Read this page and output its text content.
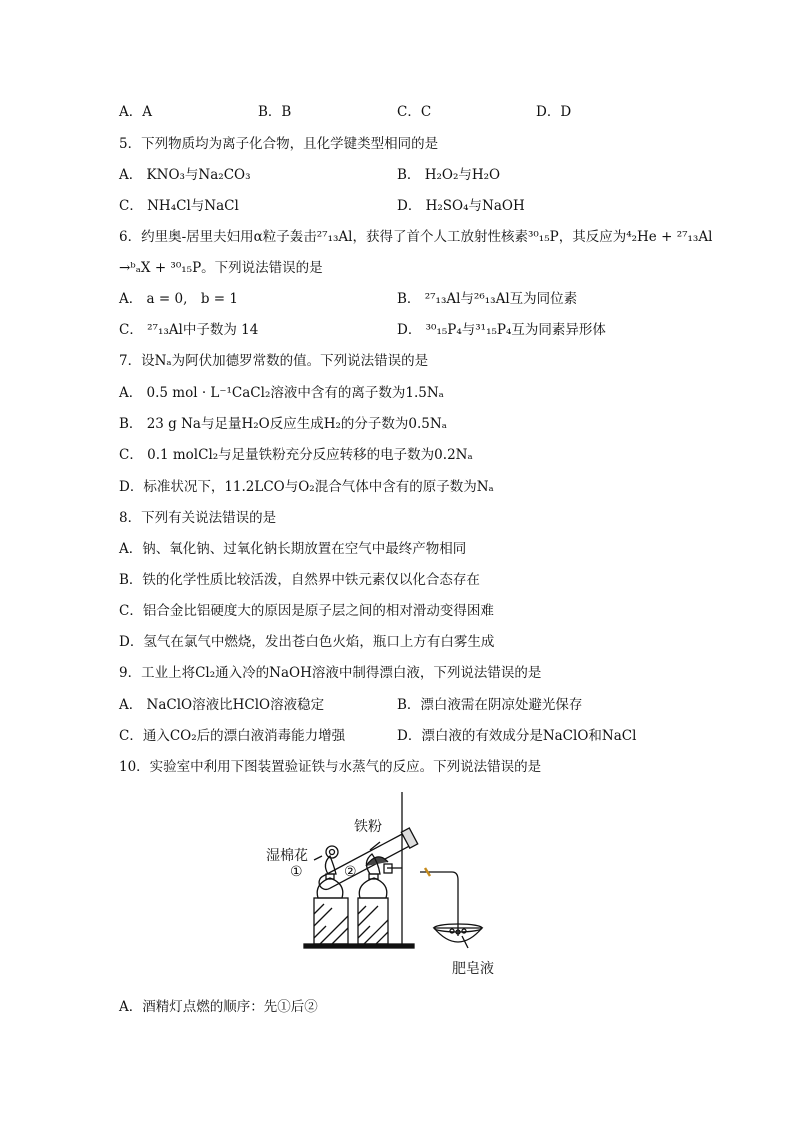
A．A	B．B	C．C	D．D
5．下列物质均为离子化合物，且化学键类型相同的是
A． KNO₃与Na₂CO₃	B． H₂O₂与H₂O
C． NH₄Cl与NaCl	D． H₂SO₄与NaOH
6．约里奥-居里夫妇用α粒子轰击²⁷₁₃Al，获得了首个人工放射性核素³⁰₁₅P，其反应为⁴₂He + ²⁷₁₃Al
→ᵇₐX + ³⁰₁₅P。下列说法错误的是
A． a = 0,　b = 1	B． ²⁷₁₃Al与²⁶₁₃Al互为同位素
C． ²⁷₁₃Al中子数为 14	D． ³⁰₁₅P₄与³¹₁₅P₄互为同素异形体
7．设Nₐ为阿伏加德罗常数的值。下列说法错误的是
A． 0.5 mol · L⁻¹CaCl₂溶液中含有的离子数为1.5Nₐ
B． 23 g Na与足量H₂O反应生成H₂的分子数为0.5Nₐ
C． 0.1 molCl₂与足量铁粉充分反应转移的电子数为0.2Nₐ
D．标准状况下，11.2LCO与O₂混合气体中含有的原子数为Nₐ
8．下列有关说法错误的是
A．钠、氧化钠、过氧化钠长期放置在空气中最终产物相同
B．铁的化学性质比较活泼，自然界中铁元素仅以化合态存在
C．铝合金比铝硬度大的原因是原子层之间的相对滑动变得困难
D．氢气在氯气中燃烧，发出苍白色火焰，瓶口上方有白雾生成
9．工业上将Cl₂通入冷的NaOH溶液中制得漂白液，下列说法错误的是
A． NaClO溶液比HClO溶液稳定	B．漂白液需在阴凉处避光保存
C．通入CO₂后的漂白液消毒能力增强	D．漂白液的有效成分是NaClO和NaCl
10．实验室中利用下图装置验证铁与水蒸气的反应。下列说法错误的是
铁粉
湿棉花
①	②
肥皂液
A．酒精灯点燃的顺序：先①后②
